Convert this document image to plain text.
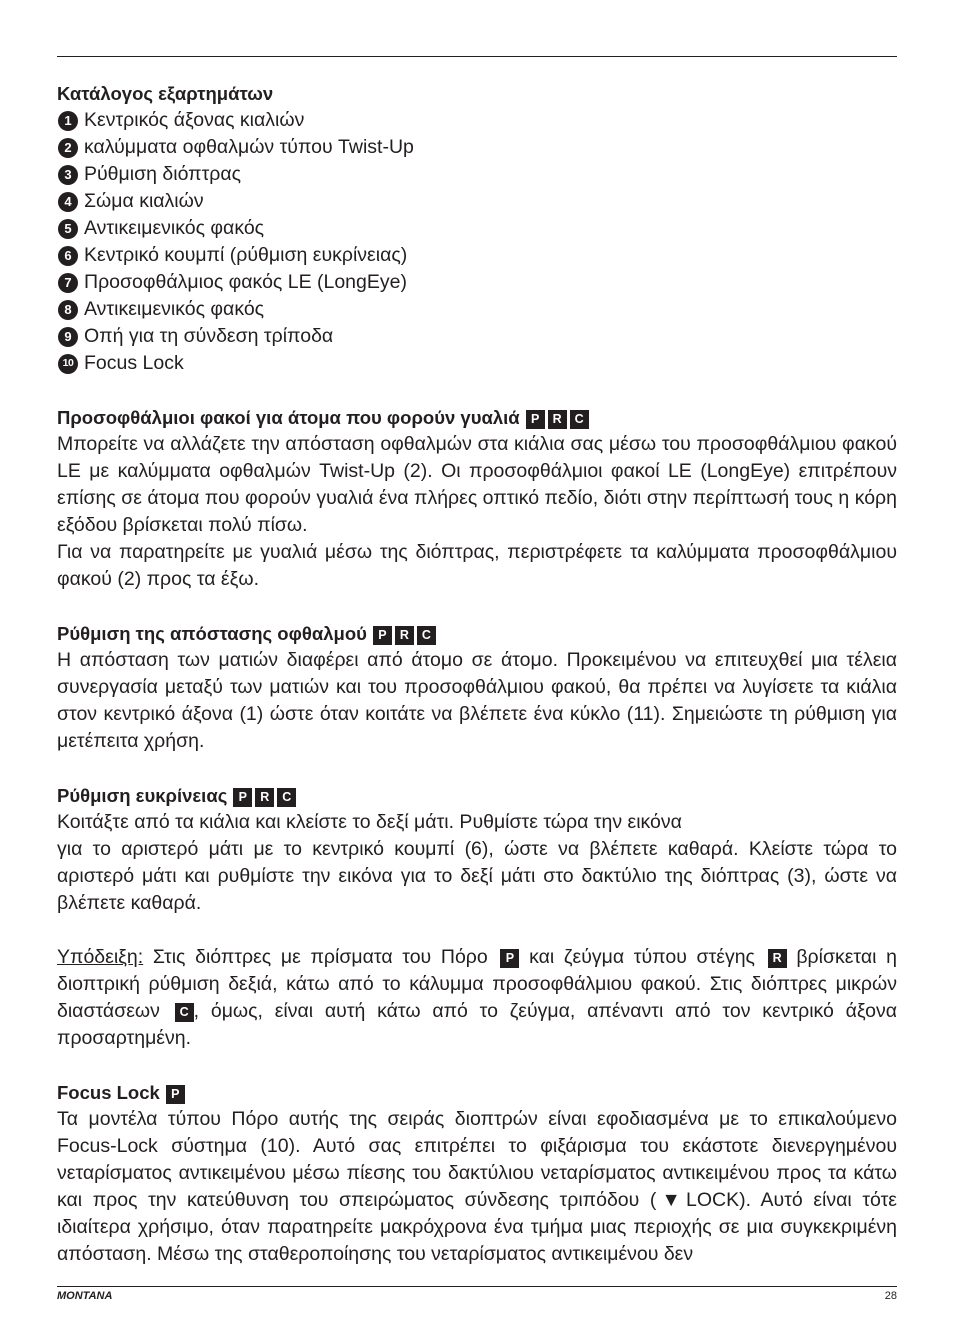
Κατάλογος εξαρτημάτων

1 Κεντρικός άξονας κιαλιών
2 καλύμματα οφθαλμών τύπου Twist-Up
3 Ρύθμιση διόπτρας
4 Σώμα κιαλιών
5 Αντικειμενικός φακός
6 Κεντρικό κουμπί (ρύθμιση ευκρίνειας)
7 Προσοφθάλμιος φακός LE (LongEye)
8 Αντικειμενικός φακός
9 Οπή για τη σύνδεση τρίποδα
10 Focus Lock

Προσοφθάλμιοι φακοί για άτομα που φορούν γυαλιά P R C

Μπορείτε να αλλάζετε την απόσταση οφθαλμών στα κιάλια σας μέσω του προσοφθάλμιου φακού LE με καλύμματα οφθαλμών Twist-Up (2). Οι προσοφθάλμιοι φακοί LE (LongEye) επιτρέπουν επίσης σε άτομα που φορούν γυαλιά ένα πλήρες οπτικό πεδίο, διότι στην περίπτωσή τους η κόρη εξόδου βρίσκεται πολύ πίσω.

Για να παρατηρείτε με γυαλιά μέσω της διόπτρας, περιστρέφετε τα καλύμματα προσοφθάλμιου φακού (2) προς τα έξω.

Ρύθμιση της απόστασης οφθαλμού P R C

Η απόσταση των ματιών διαφέρει από άτομο σε άτομο. Προκειμένου να επιτευχθεί μια τέλεια συνεργασία μεταξύ των ματιών και του προσοφθάλμιου φακού, θα πρέπει να λυγίσετε τα κιάλια στον κεντρικό άξονα (1) ώστε όταν κοιτάτε να βλέπετε ένα κύκλο (11). Σημειώστε τη ρύθμιση για μετέπειτα χρήση.

Ρύθμιση ευκρίνειας P R C

Κοιτάξτε από τα κιάλια και κλείστε το δεξί μάτι. Ρυθμίστε τώρα την εικόνα

για το αριστερό μάτι με το κεντρικό κουμπί (6), ώστε να βλέπετε καθαρά. Κλείστε τώρα το αριστερό μάτι και ρυθμίστε την εικόνα για το δεξί μάτι στο δακτύλιο της διόπτρας (3), ώστε να βλέπετε καθαρά.

Υπόδειξη: Στις διόπτρες με πρίσματα του Πόρο P και ζεύγμα τύπου στέγης R βρίσκεται η διοπτρική ρύθμιση δεξιά, κάτω από το κάλυμμα προσοφθάλμιου φακού. Στις διόπτρες μικρών διαστάσεων C , όμως, είναι αυτή κάτω από το ζεύγμα, απέναντι από τον κεντρικό άξονα προσαρτημένη.

Focus Lock P

Τα μοντέλα τύπου Πόρο αυτής της σειράς διοπτρών είναι εφοδιασμένα με το επικαλούμενο Focus-Lock σύστημα (10). Αυτό σας επιτρέπει το φιξάρισμα του εκάστοτε διενεργημένου νεταρίσματος αντικειμένου μέσω πίεσης του δακτύλιου νεταρίσματος αντικειμένου προς τα κάτω και προς την κατεύθυνση του σπειρώματος σύνδεσης τριπόδου (▼LOCK). Αυτό είναι τότε ιδιαίτερα χρήσιμο, όταν παρατηρείτε μακρόχρονα ένα τμήμα μιας περιοχής σε μια συγκεκριμένη απόσταση. Μέσω της σταθεροποίησης του νεταρίσματος αντικειμένου δεν

MONTANA	28
